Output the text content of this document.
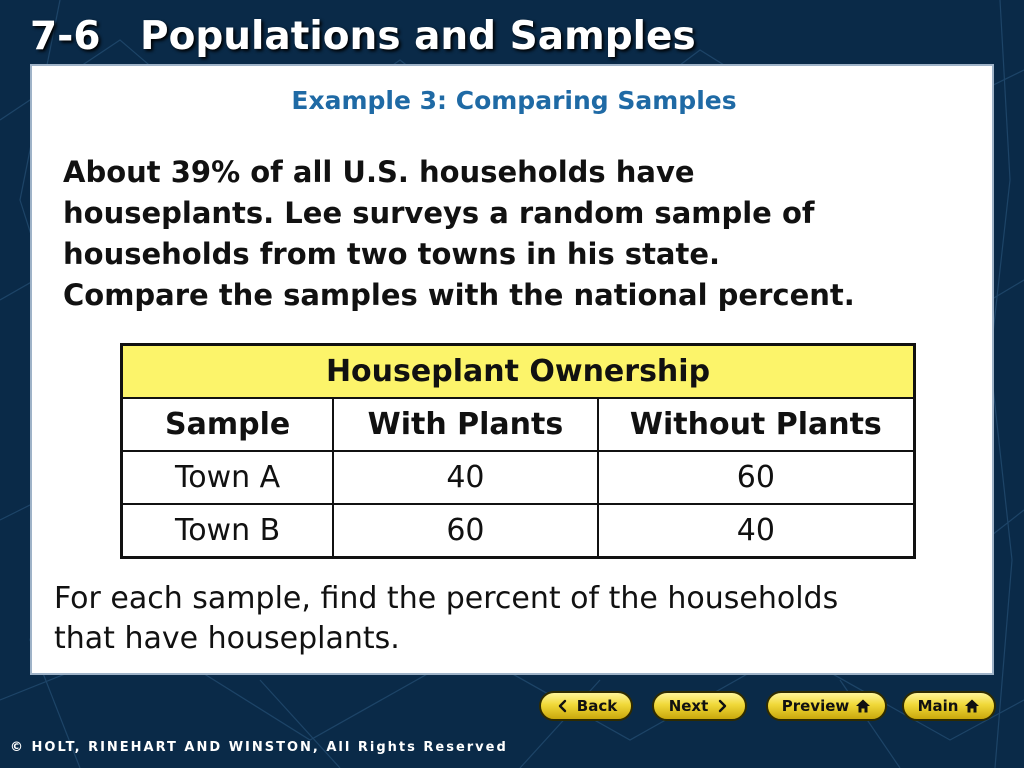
7-6	Populations and Samples
Example 3: Comparing Samples

About 39% of all U.S. households have
houseplants. Lee surveys a random sample of
households from two towns in his state.
Compare the samples with the national percent.

Houseplant Ownership		
Sample	With Plants	Without Plants
Town A	40	60
Town B	60	40

For each sample, find the percent of the households
that have houseplants.

Back	Next	Preview	Main
© HOLT, RINEHART AND WINSTON, All Rights Reserved
